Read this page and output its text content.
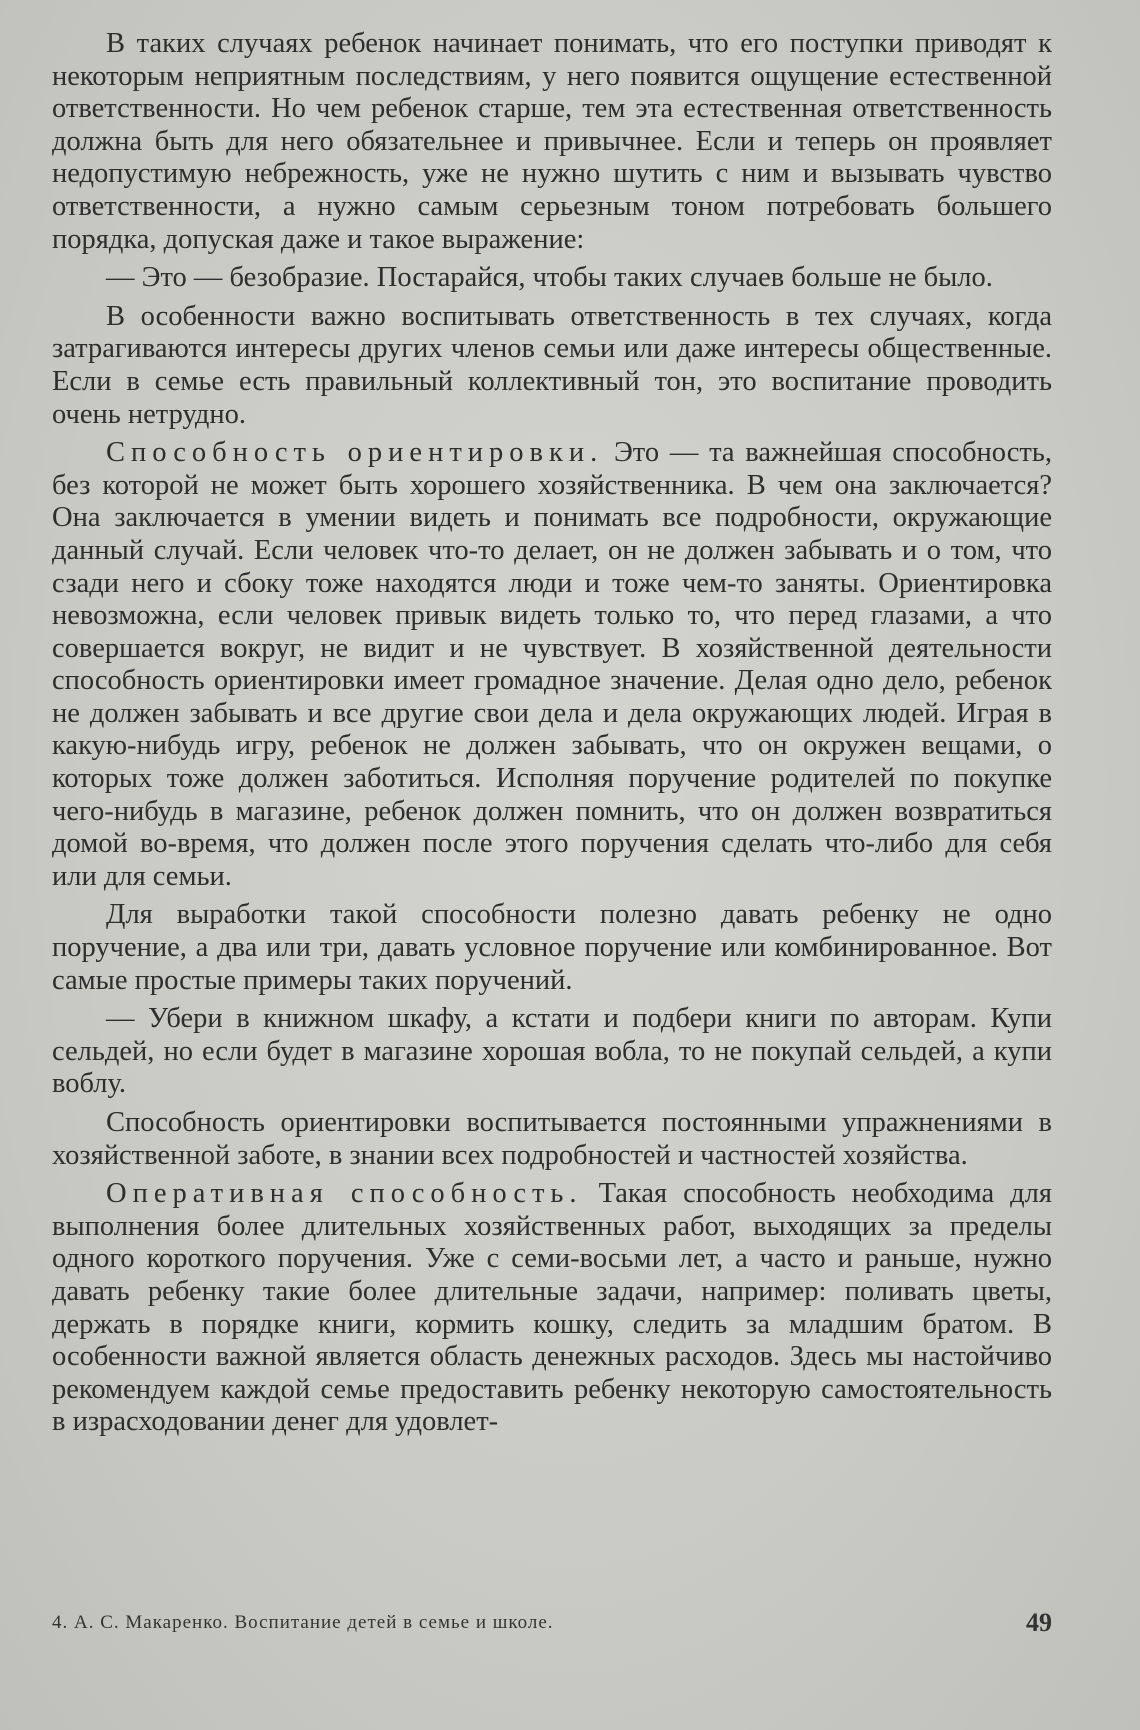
В таких случаях ребенок начинает понимать, что его поступки приводят к некоторым неприятным последствиям, у него появится ощущение естественной ответственности. Но чем ребенок старше, тем эта естественная ответственность должна быть для него обязательнее и привычнее. Если и теперь он проявляет недопустимую небрежность, уже не нужно шутить с ним и вызывать чувство ответственности, а нужно самым серьезным тоном потребовать большего порядка, допуская даже и такое выражение:

— Это — безобразие. Постарайся, чтобы таких случаев больше не было.

В особенности важно воспитывать ответственность в тех случаях, когда затрагиваются интересы других членов семьи или даже интересы общественные. Если в семье есть правильный коллективный тон, это воспитание проводить очень нетрудно.

Способность ориентировки. Это — та важнейшая способность, без которой не может быть хорошего хозяйственника. В чем она заключается? Она заключается в умении видеть и понимать все подробности, окружающие данный случай. Если человек что-то делает, он не должен забывать и о том, что сзади него и сбоку тоже находятся люди и тоже чем-то заняты. Ориентировка невозможна, если человек привык видеть только то, что перед глазами, а что совершается вокруг, не видит и не чувствует. В хозяйственной деятельности способность ориентировки имеет громадное значение. Делая одно дело, ребенок не должен забывать и все другие свои дела и дела окружающих людей. Играя в какую-нибудь игру, ребенок не должен забывать, что он окружен вещами, о которых тоже должен заботиться. Исполняя поручение родителей по покупке чего-нибудь в магазине, ребенок должен помнить, что он должен возвратиться домой во-время, что должен после этого поручения сделать что-либо для себя или для семьи.

Для выработки такой способности полезно давать ребенку не одно поручение, а два или три, давать условное поручение или комбинированное. Вот самые простые примеры таких поручений.

— Убери в книжном шкафу, а кстати и подбери книги по авторам. Купи сельдей, но если будет в магазине хорошая вобла, то не покупай сельдей, а купи воблу.

Способность ориентировки воспитывается постоянными упражнениями в хозяйственной заботе, в знании всех подробностей и частностей хозяйства.

Оперативная способность. Такая способность необходима для выполнения более длительных хозяйственных работ, выходящих за пределы одного короткого поручения. Уже с семи-восьми лет, а часто и раньше, нужно давать ребенку такие более длительные задачи, например: поливать цветы, держать в порядке книги, кормить кошку, следить за младшим братом. В особенности важной является область денежных расходов. Здесь мы настойчиво рекомендуем каждой семье предоставить ребенку некоторую самостоятельность в израсходовании денег для удовлет-

4. А. С. Макаренко. Воспитание детей в семье и школе.	49
